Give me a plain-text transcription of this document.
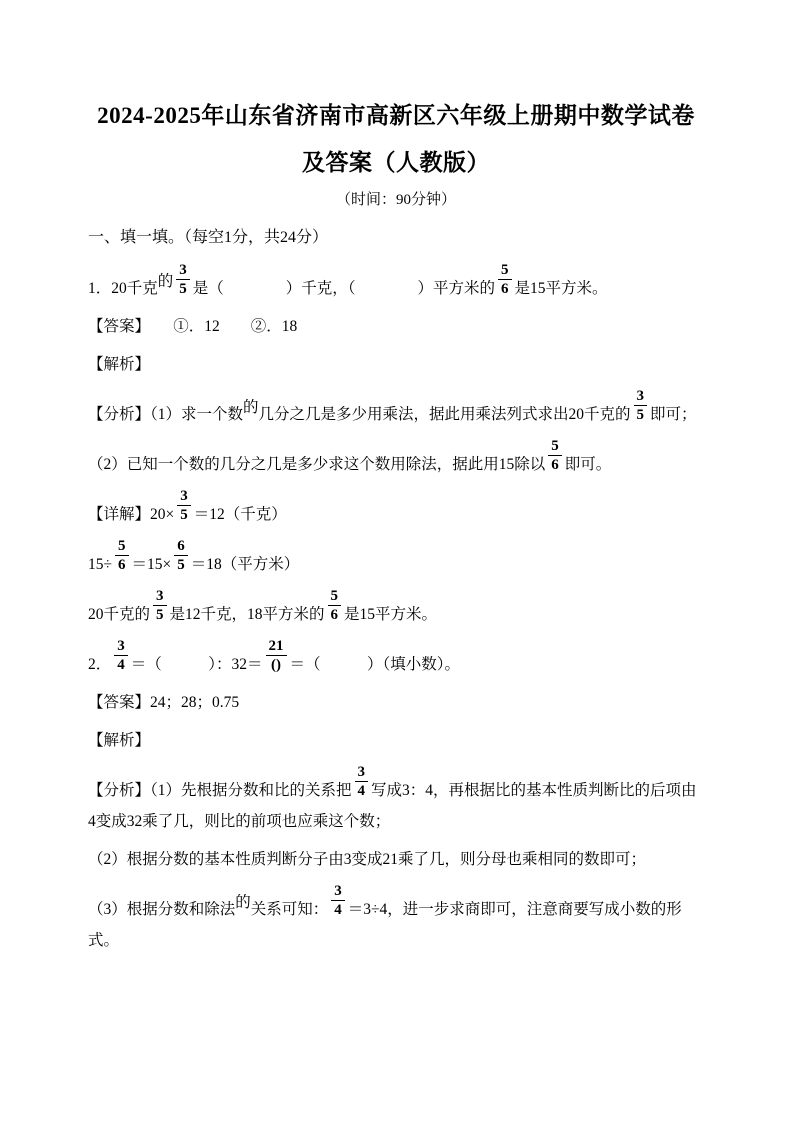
2024-2025年山东省济南市高新区六年级上册期中数学试卷
及答案（人教版）
（时间：90分钟）

一、填一填。（每空1分，共24分）

1．20千克的 $\frac{3}{5}$ 是（　　　　）千克，（　　　　）平方米的 $\frac{5}{6}$ 是15平方米。

【答案】　　①．12　　②．18

【解析】

【分析】（1）求一个数的几分之几是多少用乘法，据此用乘法列式求出20千克的 $\frac{3}{5}$ 即可；

（2）已知一个数的几分之几是多少求这个数用除法，据此用15除以 $\frac{5}{6}$ 即可。

【详解】$20\times \frac{3}{5} =12$（千克）

$15\div \frac{5}{6} =15\times \frac{6}{5} =18$（平方米）

20千克的 $\frac{3}{5}$ 是12千克，18平方米的 $\frac{5}{6}$ 是15平方米。

2． $\frac{3}{4}$ ＝（　　　）：$32= \frac{21}{()}$ ＝（　　　）（填小数）。

【答案】24；28；0.75

【解析】

【分析】（1）先根据分数和比的关系把 $\frac{3}{4}$ 写成3：4，再根据比的基本性质判断比的后项由4变成32乘了几，则比的前项也应乘这个数；

（2）根据分数的基本性质判断分子由3变成21乘了几，则分母也乘相同的数即可；

（3）根据分数和除法的关系可知： $\frac{3}{4} =3\div 4$，进一步求商即可，注意商要写成小数的形式。
